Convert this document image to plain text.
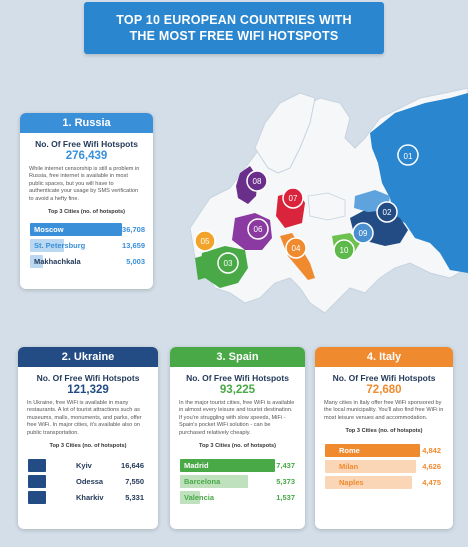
TOP 10 EUROPEAN COUNTRIES WITH
THE MOST FREE WIFI HOTSPOTS
01
02
03
04
05
06
07
08
09
10
1. Russia
No. Of Free Wifi Hotspots
276,439
While internet censorship is still a problem in Russia, free internet is available in most public spaces, but you will have to authenticate your usage by SMS verification to avoid a hefty fine.
Top 3 Cities (no. of hotspots)
Moscow	36,708
St. Petersburg	13,659
Makhachkala	5,003
2. Ukraine
No. Of Free Wifi Hotspots
121,329
In Ukraine, free WiFi is available in many restaurants. A lot of tourist attractions such as museums, malls, monuments, and parks, offer free WiFi. In major cities, it's available also on public transportation.
Top 3 Cities (no. of hotspots)
Kyiv	16,646
Odessa	7,550
Kharkiv	5,331
3. Spain
No. Of Free Wifi Hotspots
93,225
In the major tourist cities, free WiFi is available in almost every leisure and tourist destination. If you're struggling with slow speeds, MiFi - Spain's pocket WiFi solution - can be purchased relatively cheaply.
Top 3 Cities (no. of hotspots)
Madrid	7,437
Barcelona	5,373
Valencia	1,537
4. Italy
No. Of Free Wifi Hotspots
72,680
Many cities in Italy offer free WiFi sponsored by the local municipality. You'll also find free WiFi in most leisure venues and accommodation.
Top 3 Cities (no. of hotspots)
Rome	4,842
Milan	4,626
Naples	4,475
